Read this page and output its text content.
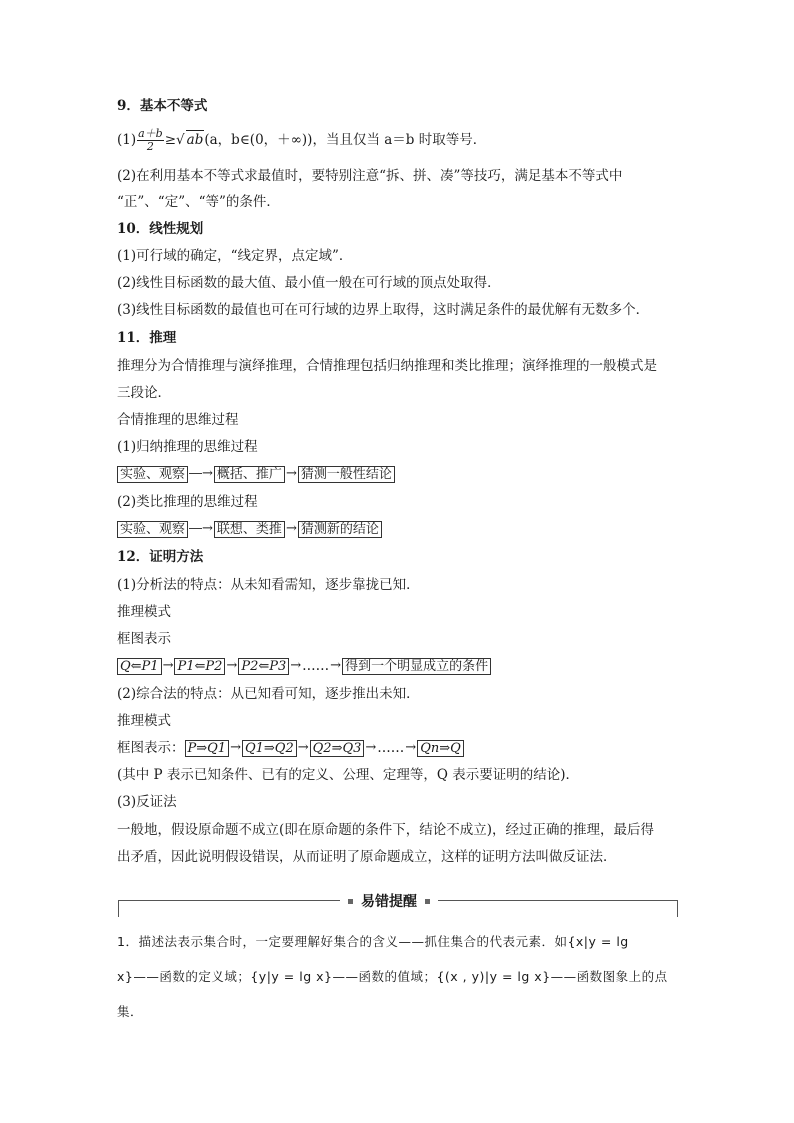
9．基本不等式
$(1) \frac{a+b}{2}$ ≥√ ab(a，b∈(0，＋∞))，当且仅当 a＝b 时取等号．
(2)在利用基本不等式求最值时，要特别注意“拆、拼、凑”等技巧，满足基本不等式中
“正”、“定”、“等”的条件．
10．线性规划
(1)可行域的确定，“线定界，点定域”．
(2)线性目标函数的最大值、最小值一般在可行域的顶点处取得．
(3)线性目标函数的最值也可在可行域的边界上取得，这时满足条件的最优解有无数多个．
11．推理
推理分为合情推理与演绎推理，合情推理包括归纳推理和类比推理；演绎推理的一般模式是
三段论．
合情推理的思维过程
(1)归纳推理的思维过程
实验、观察 ―→ 概括、推广 → 猜测一般性结论
(2)类比推理的思维过程
实验、观察 ―→ 联想、类推 → 猜测新的结论
12．证明方法
(1)分析法的特点：从未知看需知，逐步靠拢已知．
推理模式
框图表示
Q⇐P1 → P1⇐P2 → P2⇐P3 → …… → 得到一个明显成立的条件
(2)综合法的特点：从已知看可知，逐步推出未知．
推理模式
框图表示： P⇒Q1 → Q1⇒Q2 → Q2⇒Q3 → …… → Qn⇒Q
(其中 P 表示已知条件、已有的定义、公理、定理等，Q 表示要证明的结论)．
(3)反证法
一般地，假设原命题不成立(即在原命题的条件下，结论不成立)，经过正确的推理，最后得
出矛盾，因此说明假设错误，从而证明了原命题成立，这样的证明方法叫做反证法．
易错提醒
1．描述法表示集合时，一定要理解好集合的含义——抓住集合的代表元素．如{x|y = lg
x}——函数的定义域；{y|y = lg x}——函数的值域；{(x , y)|y = lg x}——函数图象上的点
集．
